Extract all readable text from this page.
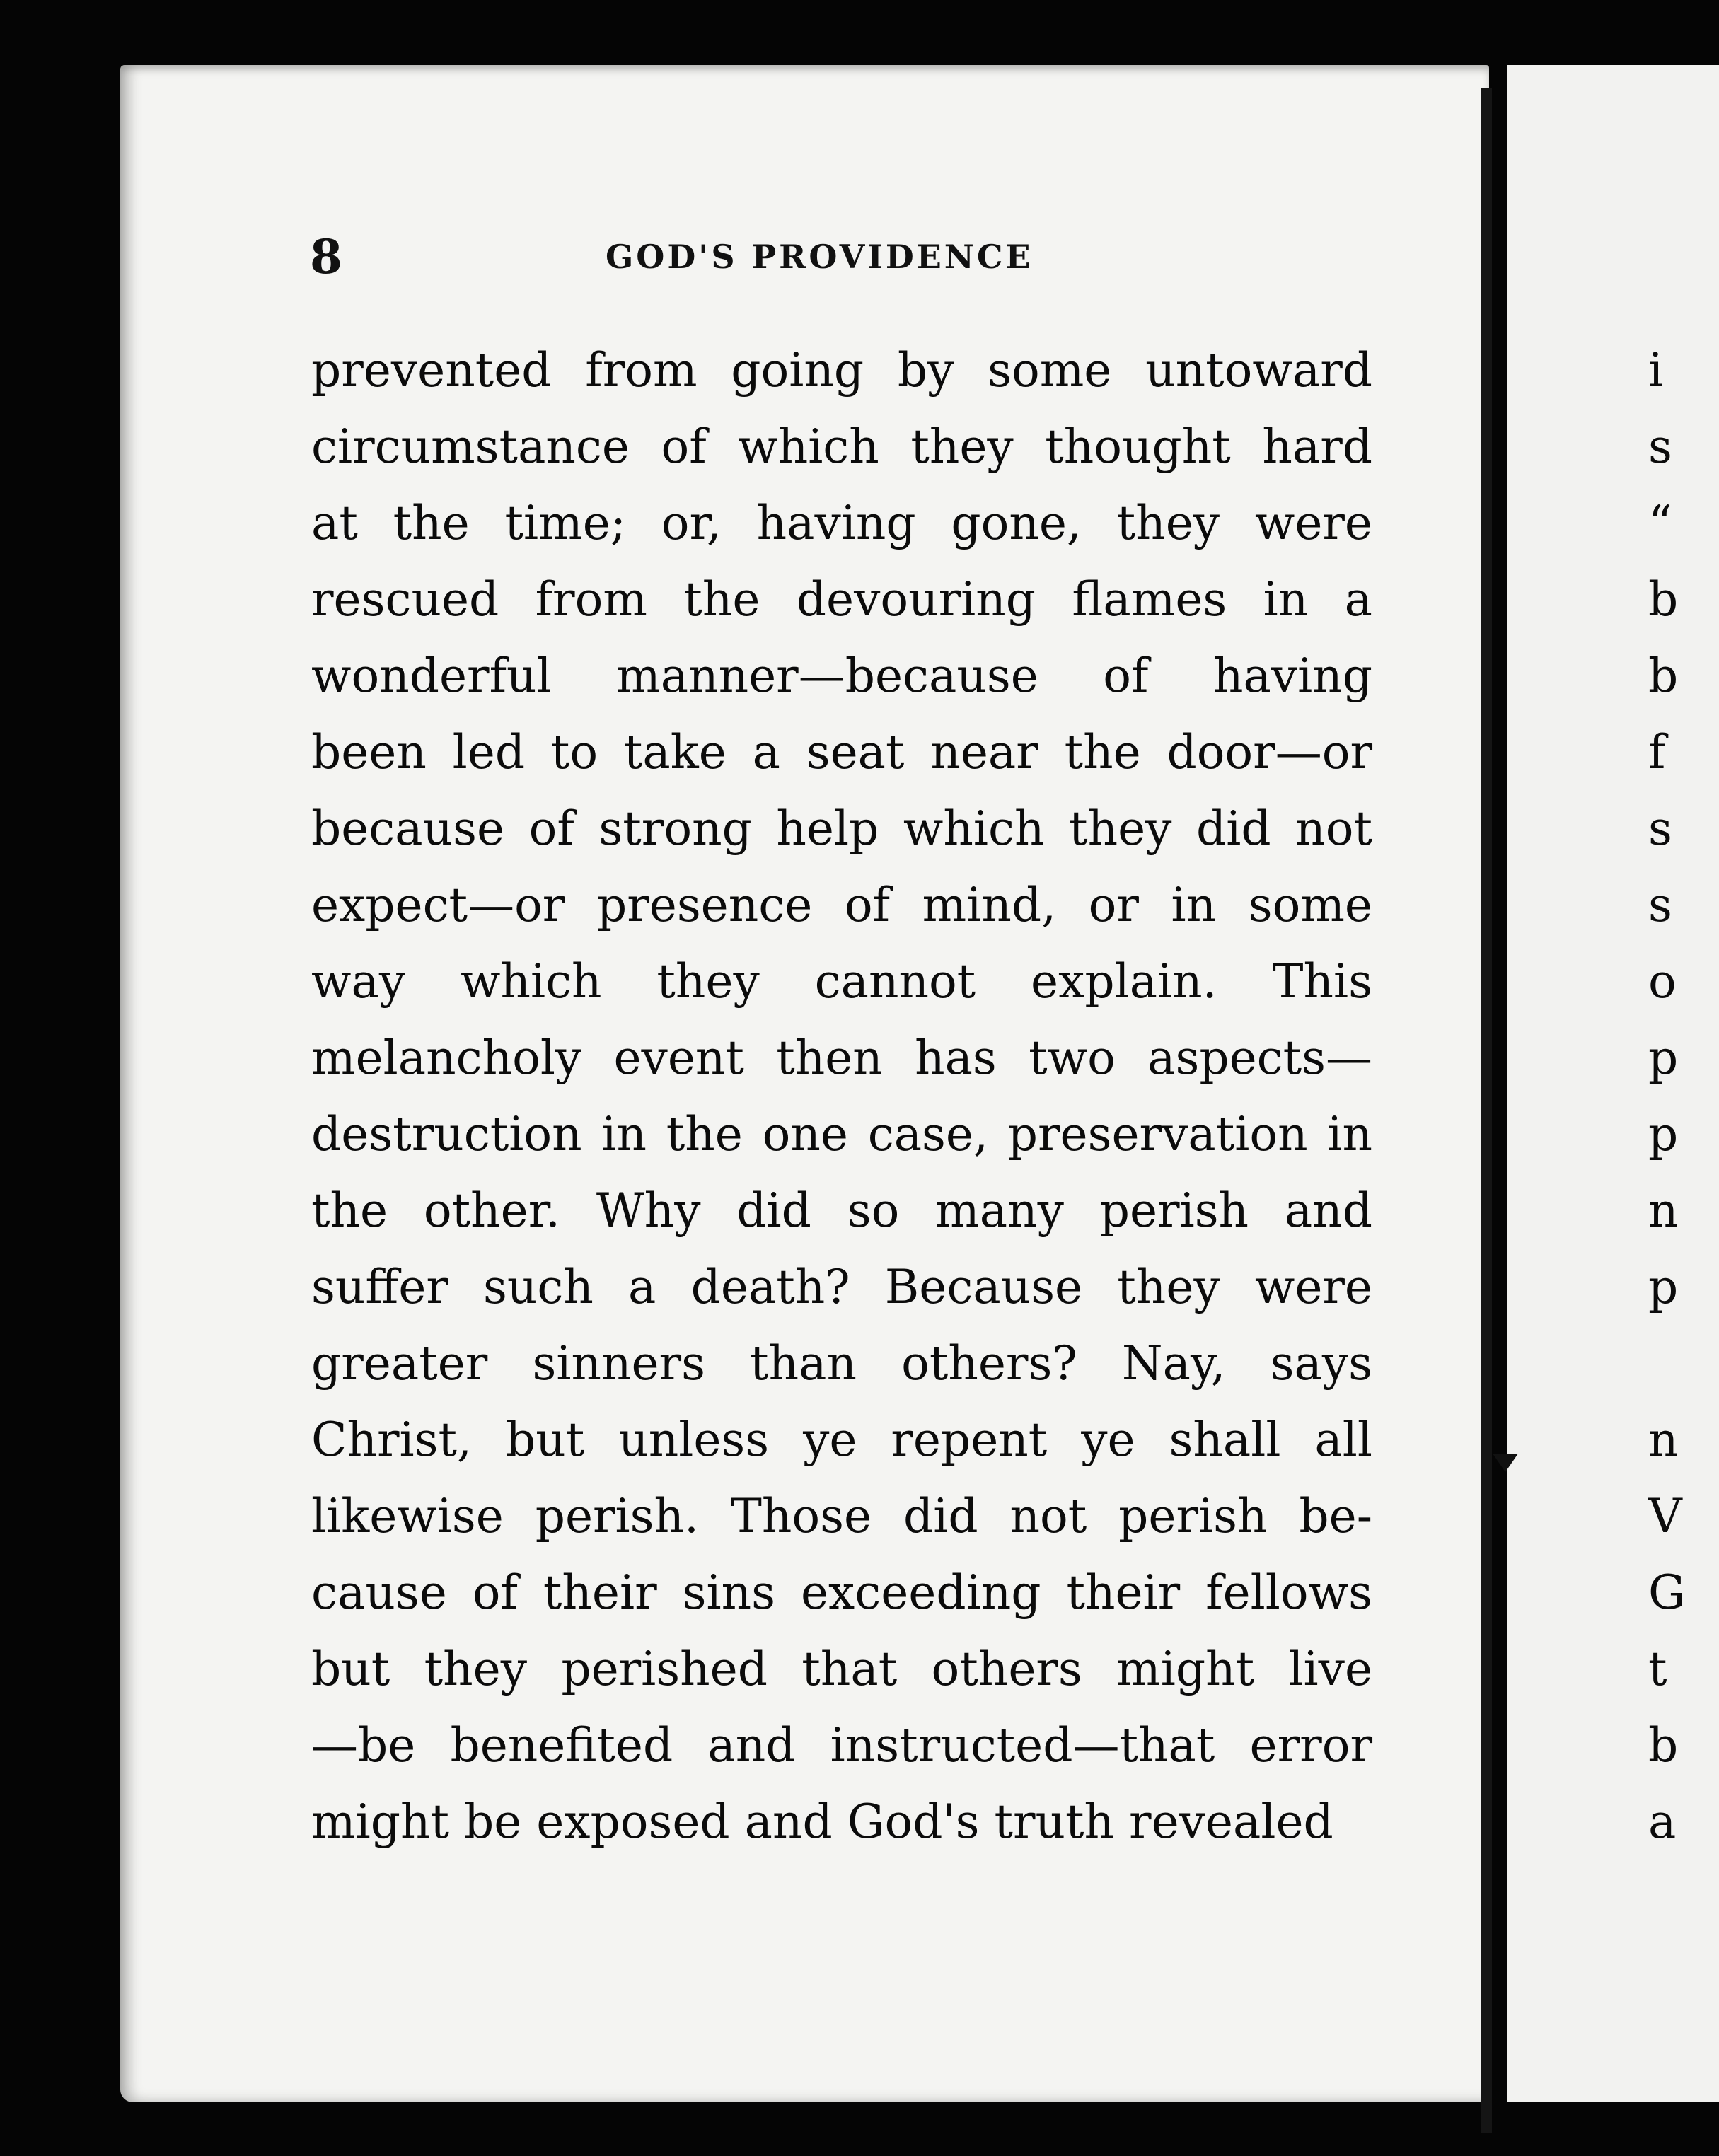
8	GOD'S PROVIDENCE
prevented from going by some untoward
circumstance of which they thought hard
at the time; or, having gone, they were
rescued from the devouring flames in a
wonderful manner—because of having
been led to take a seat near the door—or
because of strong help which they did not
expect—or presence of mind, or in some
way which they cannot explain. This
melancholy event then has two aspects—
destruction in the one case, preservation in
the other. Why did so many perish and
suffer such a death? Because they were
greater sinners than others? Nay, says
Christ, but unless ye repent ye shall all
likewise perish. Those did not perish be-
cause of their sins exceeding their fellows
but they perished that others might live
—be benefited and instructed—that error
might be exposed and God's truth revealed
i
s
“
b
b
f
s
s
o
p
p
n
p
n
V
G
t
b
a
